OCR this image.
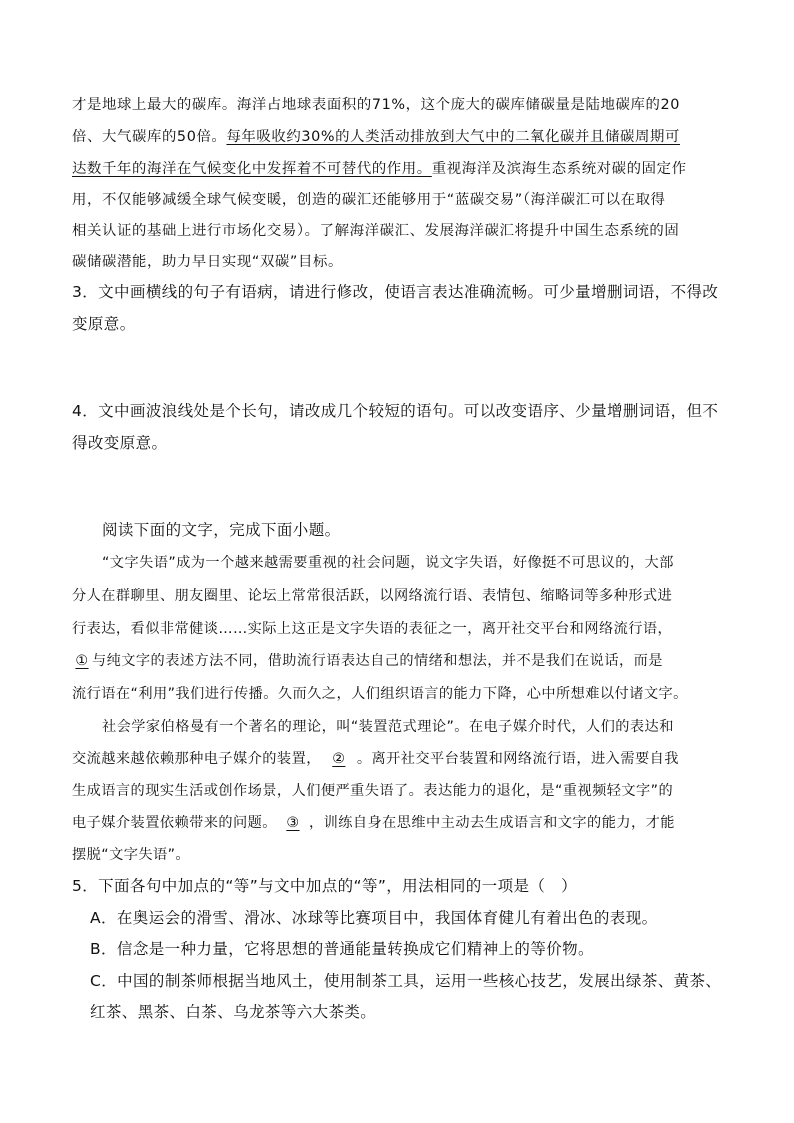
才是地球上最大的碳库。海洋占地球表面积的71%，这个庞大的碳库储碳量是陆地碳库的20
倍、大气碳库的50倍。每年吸收约30%的人类活动排放到大气中的二氧化碳并且储碳周期可
达数千年的海洋在气候变化中发挥着不可替代的作用。重视海洋及滨海生态系统对碳的固定作
用，不仅能够减缓全球气候变暖，创造的碳汇还能够用于“蓝碳交易”（海洋碳汇可以在取得
相关认证的基础上进行市场化交易）。了解海洋碳汇、发展海洋碳汇将提升中国生态系统的固
碳储碳潜能，助力早日实现“双碳”目标。
3．文中画横线的句子有语病，请进行修改，使语言表达准确流畅。可少量增删词语，不得改
变原意。
4．文中画波浪线处是个长句，请改成几个较短的语句。可以改变语序、少量增删词语，但不
得改变原意。
阅读下面的文字，完成下面小题。
“文字失语”成为一个越来越需要重视的社会问题，说文字失语，好像挺不可思议的，大部
分人在群聊里、朋友圈里、论坛上常常很活跃，以网络流行语、表情包、缩略词等多种形式进
行表达，看似非常健谈……实际上这正是文字失语的表征之一，离开社交平台和网络流行语，
① 与纯文字的表述方法不同，借助流行语表达自己的情绪和想法，并不是我们在说话，而是
流行语在“利用”我们进行传播。久而久之，人们组织语言的能力下降，心中所想难以付诸文字。
社会学家伯格曼有一个著名的理论，叫“装置范式理论”。在电子媒介时代，人们的表达和
交流越来越依赖那种电子媒介的装置， ② 。离开社交平台装置和网络流行语，进入需要自我
生成语言的现实生活或创作场景，人们便严重失语了。表达能力的退化，是“重视频轻文字”的
电子媒介装置依赖带来的问题。 ③ ，训练自身在思维中主动去生成语言和文字的能力，才能
摆脱“文字失语”。
5．下面各句中加点的“等”与文中加点的“等”，用法相同的一项是（　）
A．在奥运会的滑雪、滑冰、冰球等比赛项目中，我国体育健儿有着出色的表现。
B．信念是一种力量，它将思想的普通能量转换成它们精神上的等价物。
C．中国的制茶师根据当地风土，使用制茶工具，运用一些核心技艺，发展出绿茶、黄茶、
红茶、黑茶、白茶、乌龙茶等六大茶类。
